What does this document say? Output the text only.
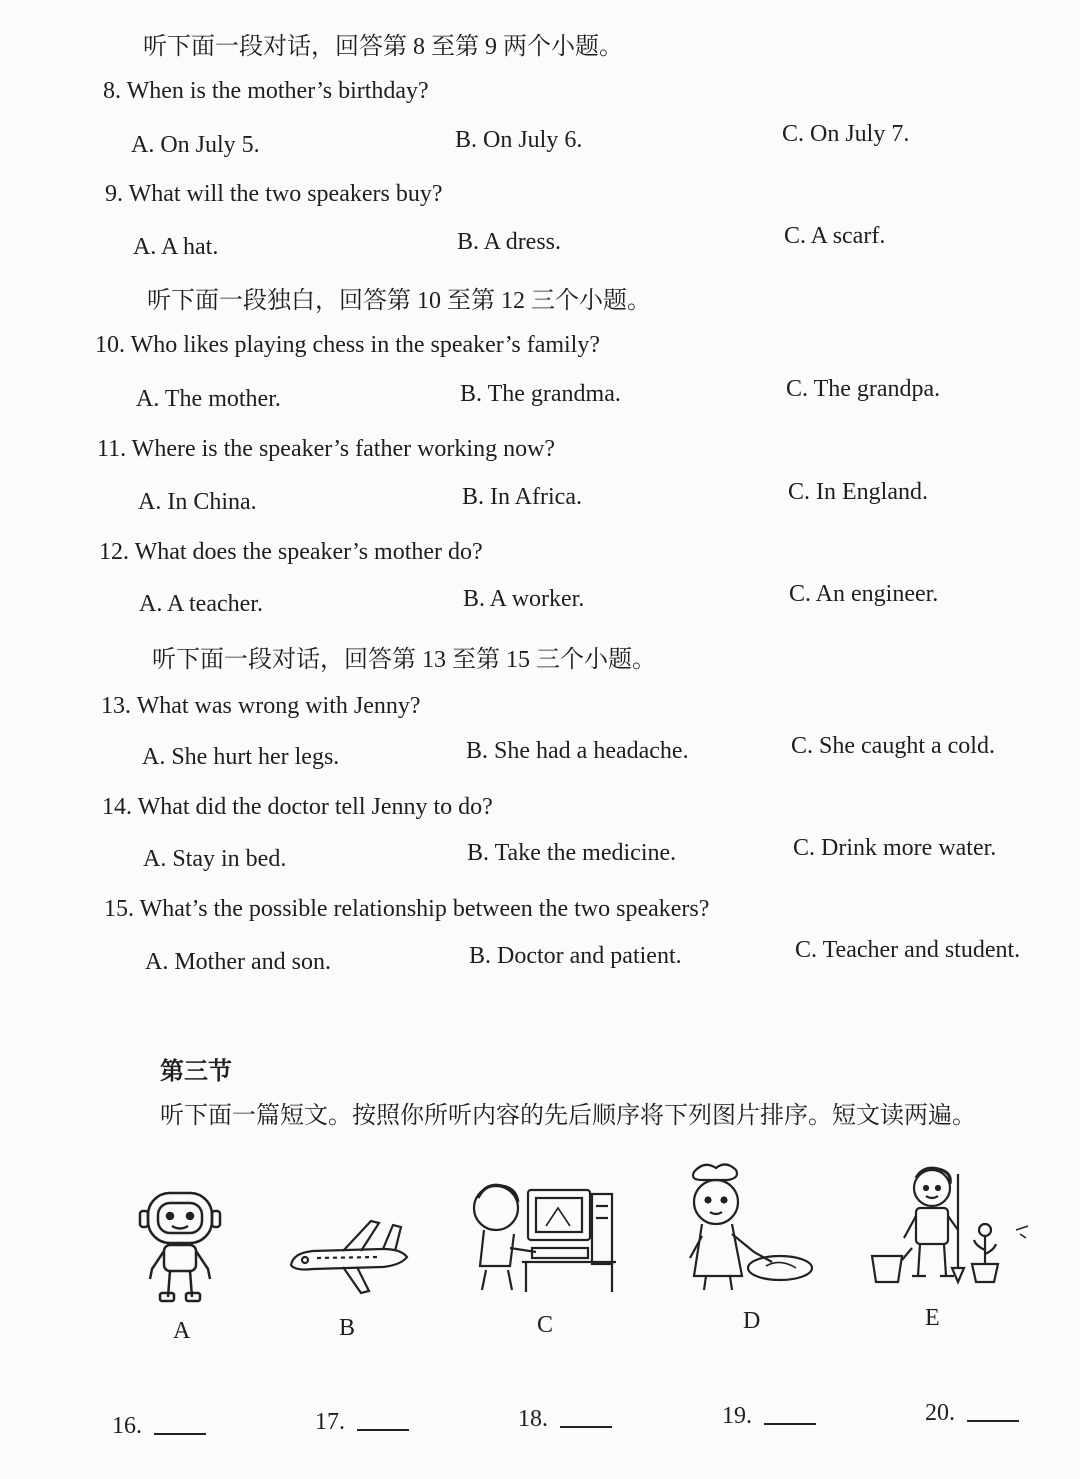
听下面一段对话，回答第 8 至第 9 两个小题。
8. When is the mother’s birthday?
A. On July 5.	B. On July 6.	C. On July 7.
9. What will the two speakers buy?
A. A hat.	B. A dress.	C. A scarf.
听下面一段独白，回答第 10 至第 12 三个小题。
10. Who likes playing chess in the speaker’s family?
A. The mother.	B. The grandma.	C. The grandpa.
11. Where is the speaker’s father working now?
A. In China.	B. In Africa.	C. In England.
12. What does the speaker’s mother do?
A. A teacher.	B. A worker.	C. An engineer.
听下面一段对话，回答第 13 至第 15 三个小题。
13. What was wrong with Jenny?
A. She hurt her legs.	B. She had a headache.	C. She caught a cold.
14. What did the doctor tell Jenny to do?
A. Stay in bed.	B. Take the medicine.	C. Drink more water.
15. What’s the possible relationship between the two speakers?
A. Mother and son.	B. Doctor and patient.	C. Teacher and student.
第三节
听下面一篇短文。按照你所听内容的先后顺序将下列图片排序。短文读两遍。
A	B	C	D	E
16.	17.	18.	19.	20.
